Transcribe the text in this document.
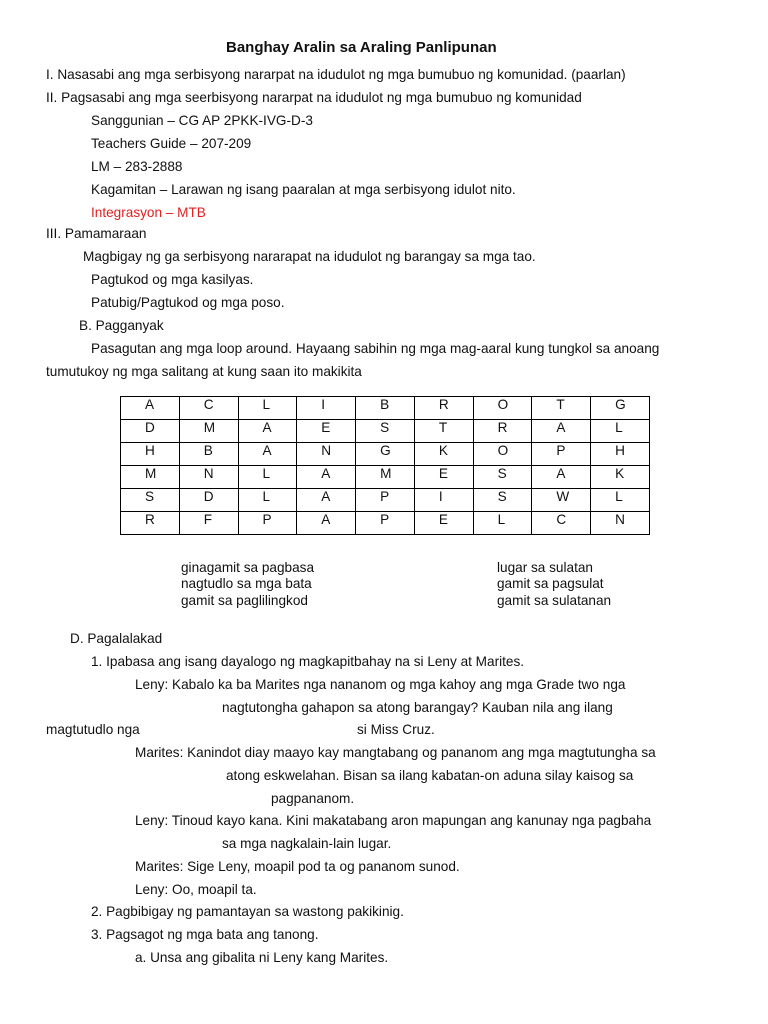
Banghay Aralin sa Araling Panlipunan
I. Nasasabi ang mga serbisyong nararpat na idudulot ng mga bumubuo ng komunidad. (paarlan)
II. Pagsasabi ang mga seerbisyong nararpat na idudulot ng mga bumubuo ng komunidad
Sanggunian – CG AP 2PKK-IVG-D-3
Teachers Guide – 207-209
LM – 283-2888
Kagamitan – Larawan ng isang paaralan at mga serbisyong idulot nito.
Integrasyon – MTB
III. Pamamaraan
Magbigay ng ga serbisyong nararapat na idudulot ng barangay sa mga tao.
Pagtukod og mga kasilyas.
Patubig/Pagtukod og mga poso.
B. Pagganyak
Pasagutan ang mga loop around. Hayaang sabihin ng mga mag-aaral kung tungkol sa anoang
tumutukoy ng mga salitang at kung saan ito makikita
A	C	L	I	B	R	O	T	G
D	M	A	E	S	T	R	A	L
H	B	A	N	G	K	O	P	H
M	N	L	A	M	E	S	A	K
S	D	L	A	P	I	S	W	L
R	F	P	A	P	E	L	C	N
ginagamit sa pagbasa
nagtudlo sa mga bata
gamit sa paglilingkod
lugar sa sulatan
gamit sa pagsulat
gamit sa sulatanan
D. Pagalalakad
1. Ipabasa ang isang dayalogo ng magkapitbahay na si Leny at Marites.
Leny: Kabalo ka ba Marites nga nananom og mga kahoy ang mga Grade two nga
nagtutongha gahapon sa atong barangay? Kauban nila ang ilang
magtutudlo nga	si Miss Cruz.
Marites: Kanindot diay maayo kay mangtabang og pananom ang mga magtutungha sa
atong eskwelahan. Bisan sa ilang kabatan-on aduna silay kaisog sa
pagpananom.
Leny: Tinoud kayo kana. Kini makatabang aron mapungan ang kanunay nga pagbaha
sa mga nagkalain-lain lugar.
Marites: Sige Leny, moapil pod ta og pananom sunod.
Leny: Oo, moapil ta.
2. Pagbibigay ng pamantayan sa wastong pakikinig.
3. Pagsagot ng mga bata ang tanong.
a. Unsa ang gibalita ni Leny kang Marites.
